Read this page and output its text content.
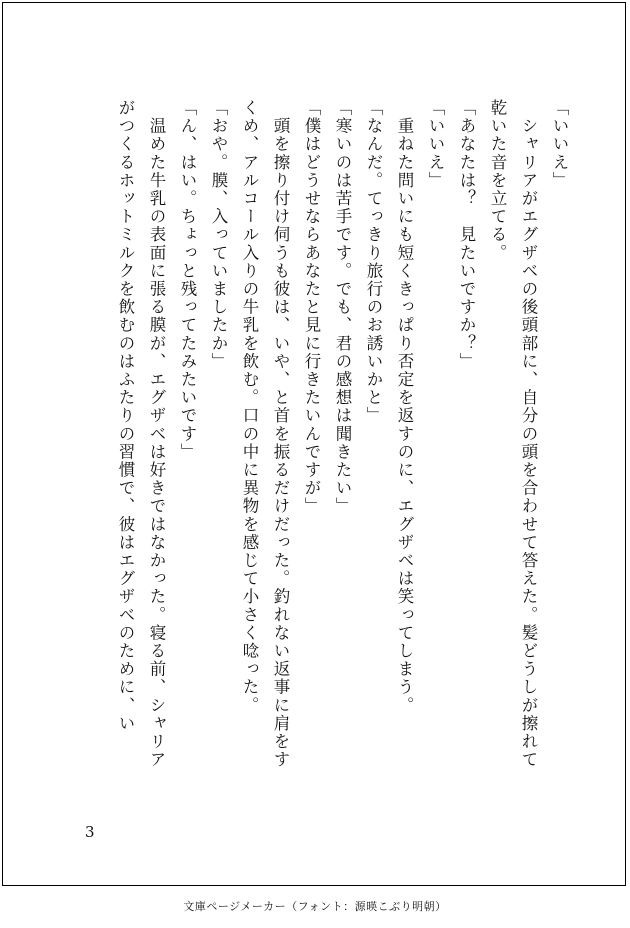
「いいえ」

　シャリアがエグザベの後頭部に、自分の頭を合わせて答えた。髪どうしが擦れて乾いた音を立てる。

「あなたは？　見たいですか？」

「いいえ」

　重ねた問いにも短くきっぱり否定を返すのに、エグザベは笑ってしまう。

「なんだ。てっきり旅行のお誘いかと」

「寒いのは苦手です。でも、君の感想は聞きたい」

「僕はどうせならあなたと見に行きたいんですが」

　頭を擦り付け伺うも彼は、いや、と首を振るだけだった。釣れない返事に肩をすくめ、アルコール入りの牛乳を飲む。口の中に異物を感じて小さく唸った。

「おや。膜、入っていましたか」

「ん、はい。ちょっと残ってたみたいです」

　温めた牛乳の表面に張る膜が、エグザベは好きではなかった。寝る前、シャリアがつくるホットミルクを飲むのはふたりの習慣で、彼はエグザベのために、い

3
文庫ページメーカー（フォント：源暎こぶり明朝）
